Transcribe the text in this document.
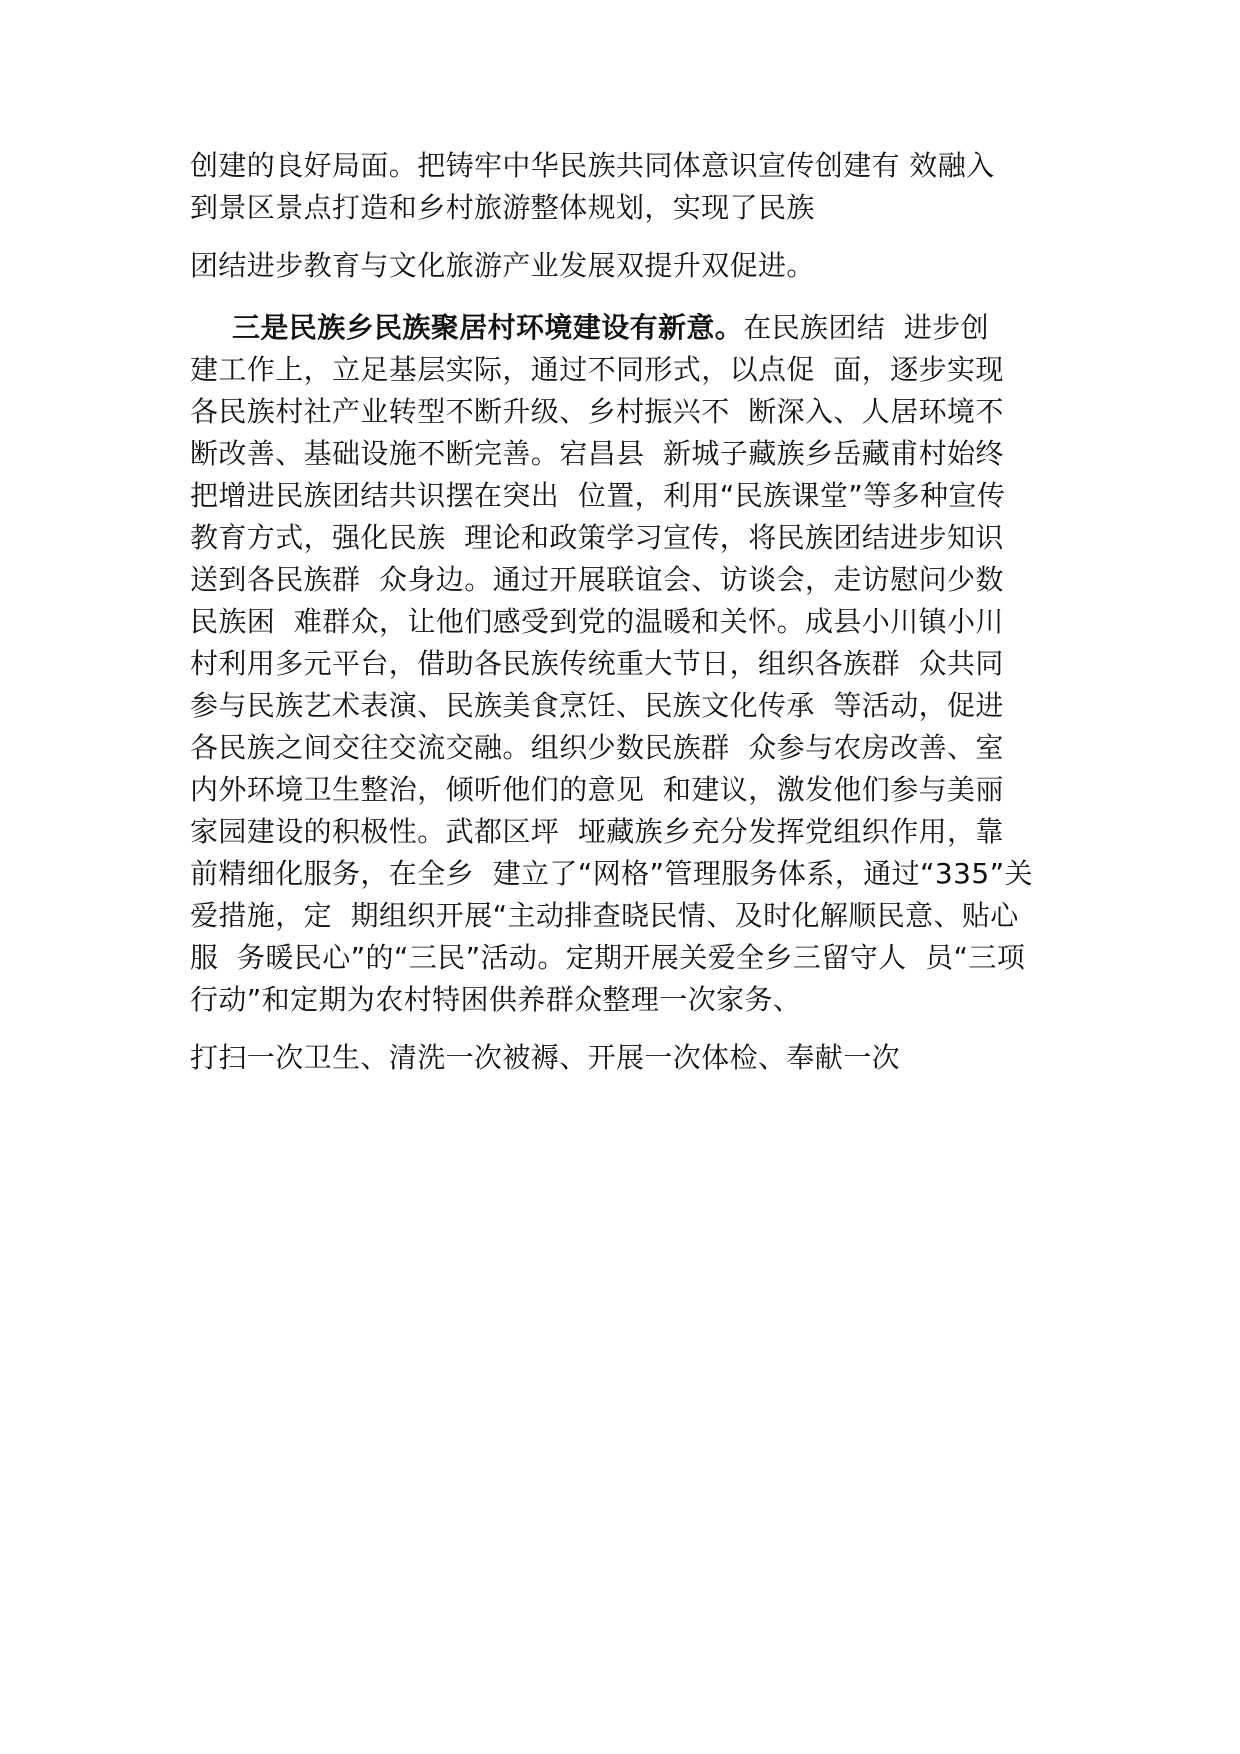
创建的良好局面。把铸牢中华民族共同体意识宣传创建有 效融入
到景区景点打造和乡村旅游整体规划，实现了民族
团结进步教育与文化旅游产业发展双提升双促进。
三是民族乡民族聚居村环境建设有新意。在民族团结  进步创
建工作上，立足基层实际，通过不同形式，以点促  面，逐步实现
各民族村社产业转型不断升级、乡村振兴不  断深入、人居环境不
断改善、基础设施不断完善。宕昌县  新城子藏族乡岳藏甫村始终
把增进民族团结共识摆在突出  位置，利用“民族课堂”等多种宣传
教育方式，强化民族  理论和政策学习宣传，将民族团结进步知识
送到各民族群  众身边。通过开展联谊会、访谈会，走访慰问少数
民族困  难群众，让他们感受到党的温暖和关怀。成县小川镇小川
村利用多元平台，借助各民族传统重大节日，组织各族群  众共同
参与民族艺术表演、民族美食烹饪、民族文化传承  等活动，促进
各民族之间交往交流交融。组织少数民族群  众参与农房改善、室
内外环境卫生整治，倾听他们的意见  和建议，激发他们参与美丽
家园建设的积极性。武都区坪  垭藏族乡充分发挥党组织作用，靠
前精细化服务，在全乡  建立了“网格”管理服务体系，通过“335”关
爱措施，定  期组织开展“主动排查晓民情、及时化解顺民意、贴心
服  务暖民心”的“三民”活动。定期开展关爱全乡三留守人  员“三项
行动”和定期为农村特困供养群众整理一次家务、
打扫一次卫生、清洗一次被褥、开展一次体检、奉献一次
